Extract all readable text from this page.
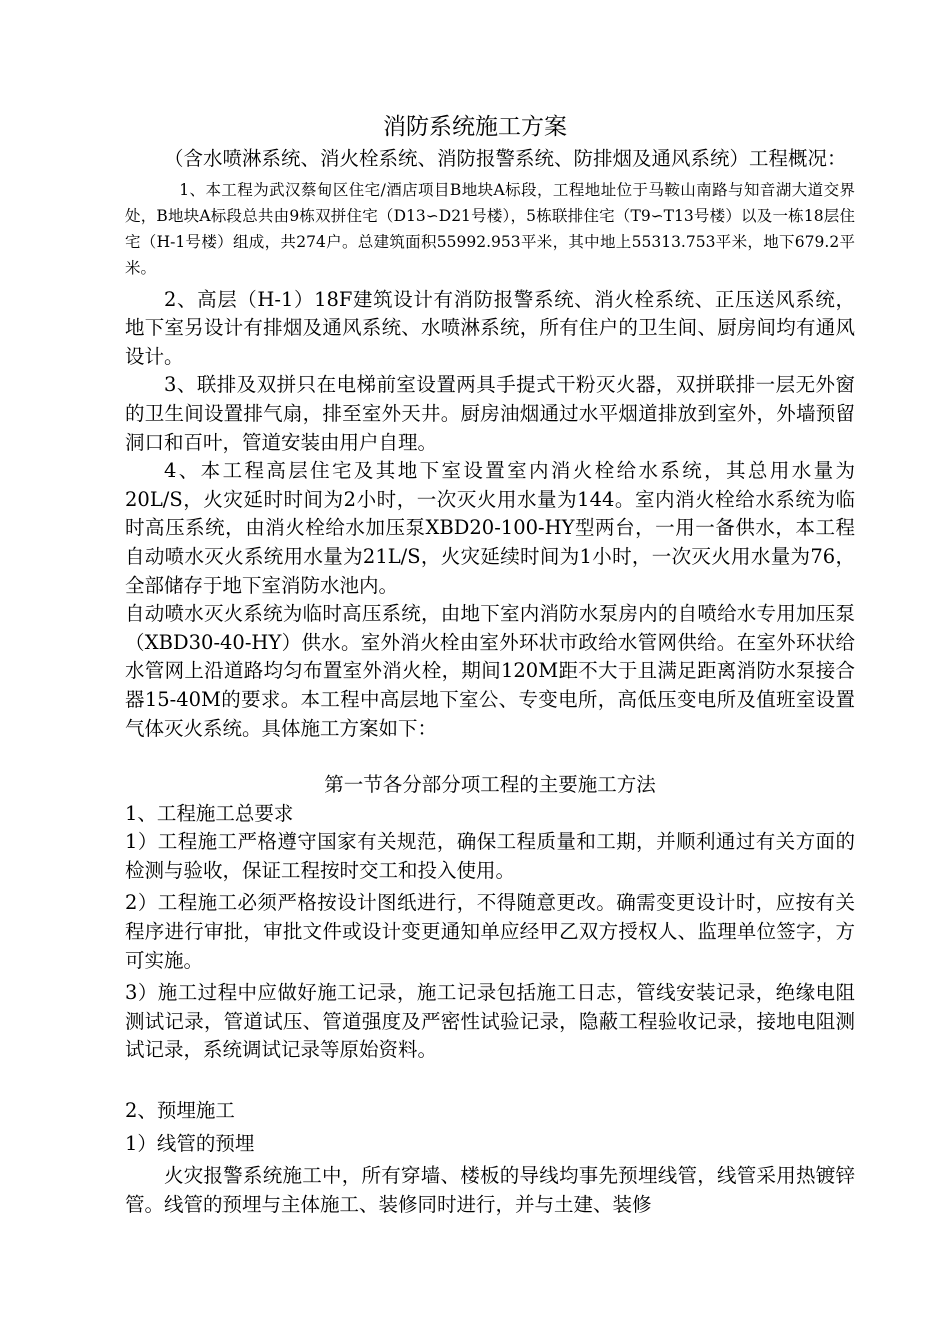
消防系统施工方案

（含水喷淋系统、消火栓系统、消防报警系统、防排烟及通风系统）工程概况：

1、本工程为武汉蔡甸区住宅/酒店项目B地块A标段，工程地址位于马鞍山南路与知音湖大道交界处，B地块A标段总共由9栋双拼住宅（D13∽D21号楼），5栋联排住宅（T9∽T13号楼）以及一栋18层住宅（H-1号楼）组成，共274户。总建筑面积55992.953平米，其中地上55313.753平米，地下679.2平米。

2、高层（H-1）18F建筑设计有消防报警系统、消火栓系统、正压送风系统，地下室另设计有排烟及通风系统、水喷淋系统，所有住户的卫生间、厨房间均有通风设计。

3、联排及双拼只在电梯前室设置两具手提式干粉灭火器，双拼联排一层无外窗的卫生间设置排气扇，排至室外天井。厨房油烟通过水平烟道排放到室外，外墙预留洞口和百叶，管道安装由用户自理。

4、本工程高层住宅及其地下室设置室内消火栓给水系统，其总用水量为20L/S，火灾延时时间为2小时，一次灭火用水量为144。室内消火栓给水系统为临时高压系统，由消火栓给水加压泵XBD20-100-HY型两台，一用一备供水，本工程自动喷水灭火系统用水量为21L/S，火灾延续时间为1小时，一次灭火用水量为76，全部储存于地下室消防水池内。

自动喷水灭火系统为临时高压系统，由地下室内消防水泵房内的自喷给水专用加压泵（XBD30-40-HY）供水。室外消火栓由室外环状市政给水管网供给。在室外环状给水管网上沿道路均匀布置室外消火栓，期间120M距不大于且满足距离消防水泵接合器15-40M的要求。本工程中高层地下室公、专变电所，高低压变电所及值班室设置气体灭火系统。具体施工方案如下：

第一节各分部分项工程的主要施工方法

1、工程施工总要求

1）工程施工严格遵守国家有关规范，确保工程质量和工期，并顺利通过有关方面的检测与验收，保证工程按时交工和投入使用。

2）工程施工必须严格按设计图纸进行，不得随意更改。确需变更设计时，应按有关程序进行审批，审批文件或设计变更通知单应经甲乙双方授权人、监理单位签字，方可实施。

3）施工过程中应做好施工记录，施工记录包括施工日志，管线安装记录，绝缘电阻测试记录，管道试压、管道强度及严密性试验记录，隐蔽工程验收记录，接地电阻测试记录，系统调试记录等原始资料。

2、预埋施工

1）线管的预埋

火灾报警系统施工中，所有穿墙、楼板的导线均事先预埋线管，线管采用热镀锌管。线管的预埋与主体施工、装修同时进行，并与土建、装修
